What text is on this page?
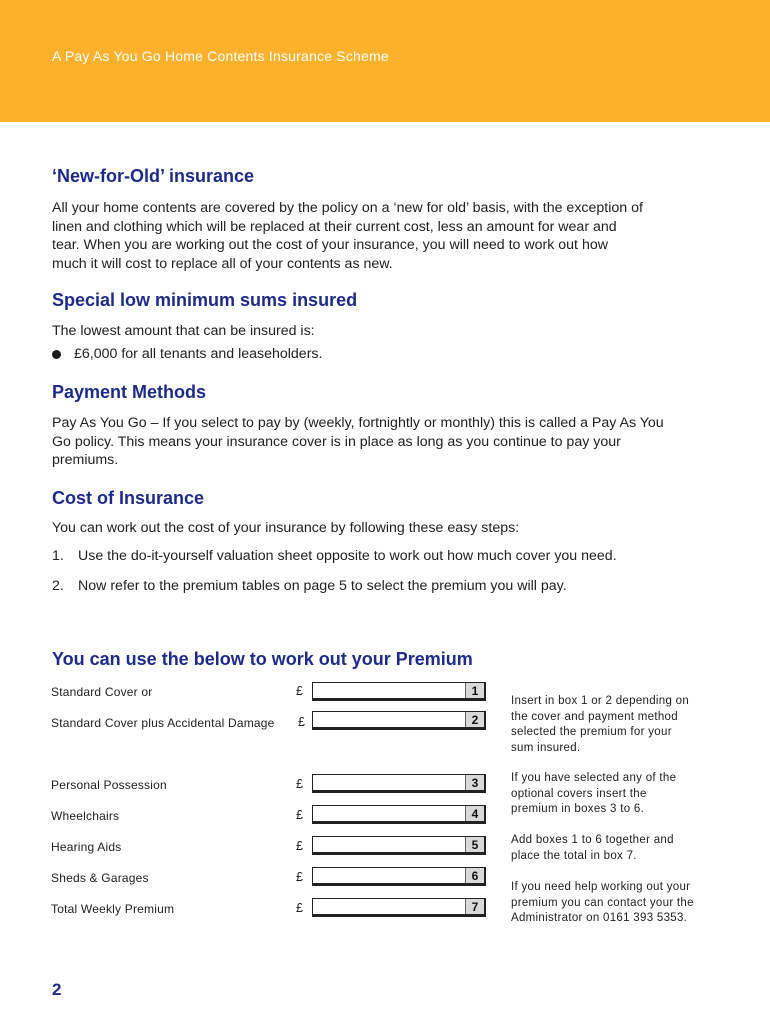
A Pay As You Go Home Contents Insurance Scheme
‘New-for-Old’ insurance
All your home contents are covered by the policy on a ‘new for old’ basis, with the exception of
linen and clothing which will be replaced at their current cost, less an amount for wear and
tear. When you are working out the cost of your insurance, you will need to work out how
much it will cost to replace all of your contents as new.
Special low minimum sums insured
The lowest amount that can be insured is:
£6,000 for all tenants and leaseholders.
Payment Methods
Pay As You Go – If you select to pay by (weekly, fortnightly or monthly) this is called a Pay As You
Go policy. This means your insurance cover is in place as long as you continue to pay your
premiums.
Cost of Insurance
You can work out the cost of your insurance by following these easy steps:
1. Use the do-it-yourself valuation sheet opposite to work out how much cover you need.
2. Now refer to the premium tables on page 5 to select the premium you will pay.
You can use the below to work out your Premium
Standard Cover or	£	1
Standard Cover plus Accidental Damage £	2
Personal Possession	£	3
Wheelchairs	£	4
Hearing Aids	£	5
Sheds & Garages	£	6
Total Weekly Premium	£	7
Insert in box 1 or 2 depending on
the cover and payment method
selected the premium for your
sum insured.
If you have selected any of the
optional covers insert the
premium in boxes 3 to 6.
Add boxes 1 to 6 together and
place the total in box 7.
If you need help working out your
premium you can contact your the
Administrator on 0161 393 5353.
2
